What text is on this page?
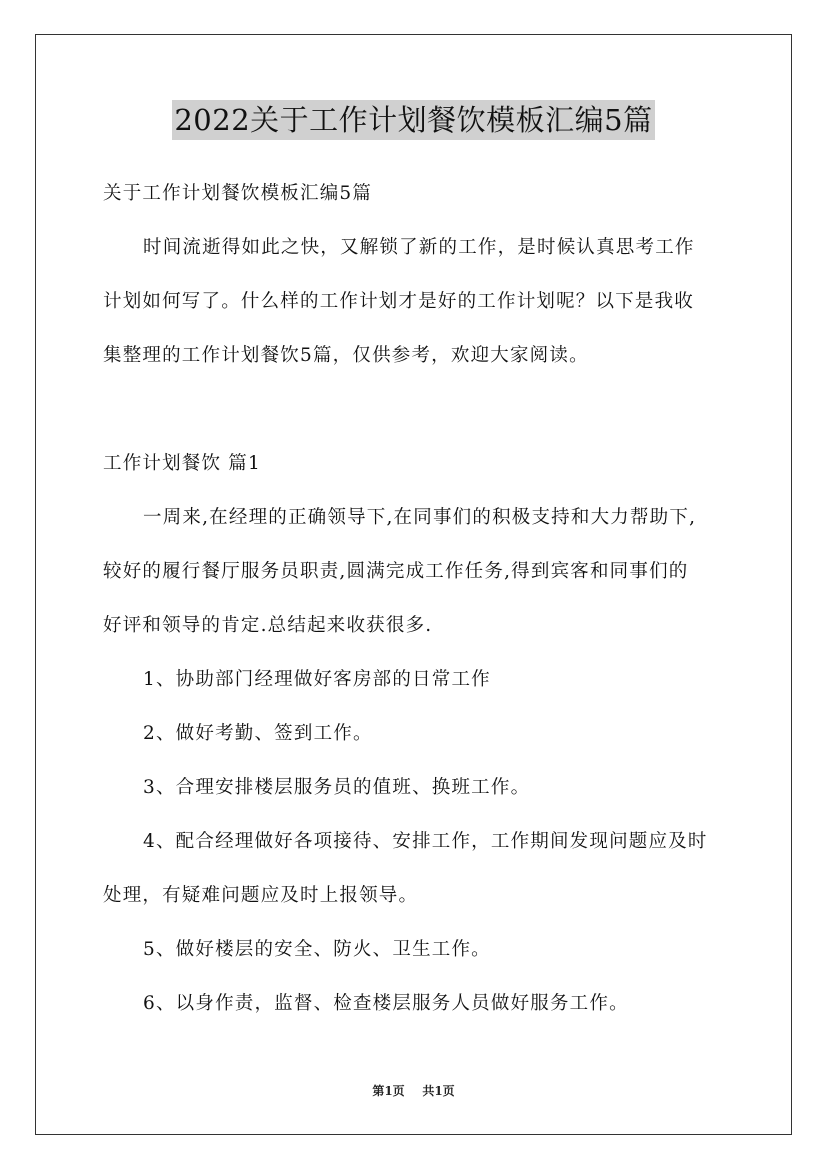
2022关于工作计划餐饮模板汇编5篇
关于工作计划餐饮模板汇编5篇
时间流逝得如此之快，又解锁了新的工作，是时候认真思考工作
计划如何写了。什么样的工作计划才是好的工作计划呢？以下是我收
集整理的工作计划餐饮5篇，仅供参考，欢迎大家阅读。
工作计划餐饮 篇1
一周来,在经理的正确领导下,在同事们的积极支持和大力帮助下,
较好的履行餐厅服务员职责,圆满完成工作任务,得到宾客和同事们的
好评和领导的肯定.总结起来收获很多.
1、协助部门经理做好客房部的日常工作
2、做好考勤、签到工作。
3、合理安排楼层服务员的值班、换班工作。
4、配合经理做好各项接待、安排工作，工作期间发现问题应及时
处理，有疑难问题应及时上报领导。
5、做好楼层的安全、防火、卫生工作。
6、以身作责，监督、检查楼层服务人员做好服务工作。
第1页 共1页
